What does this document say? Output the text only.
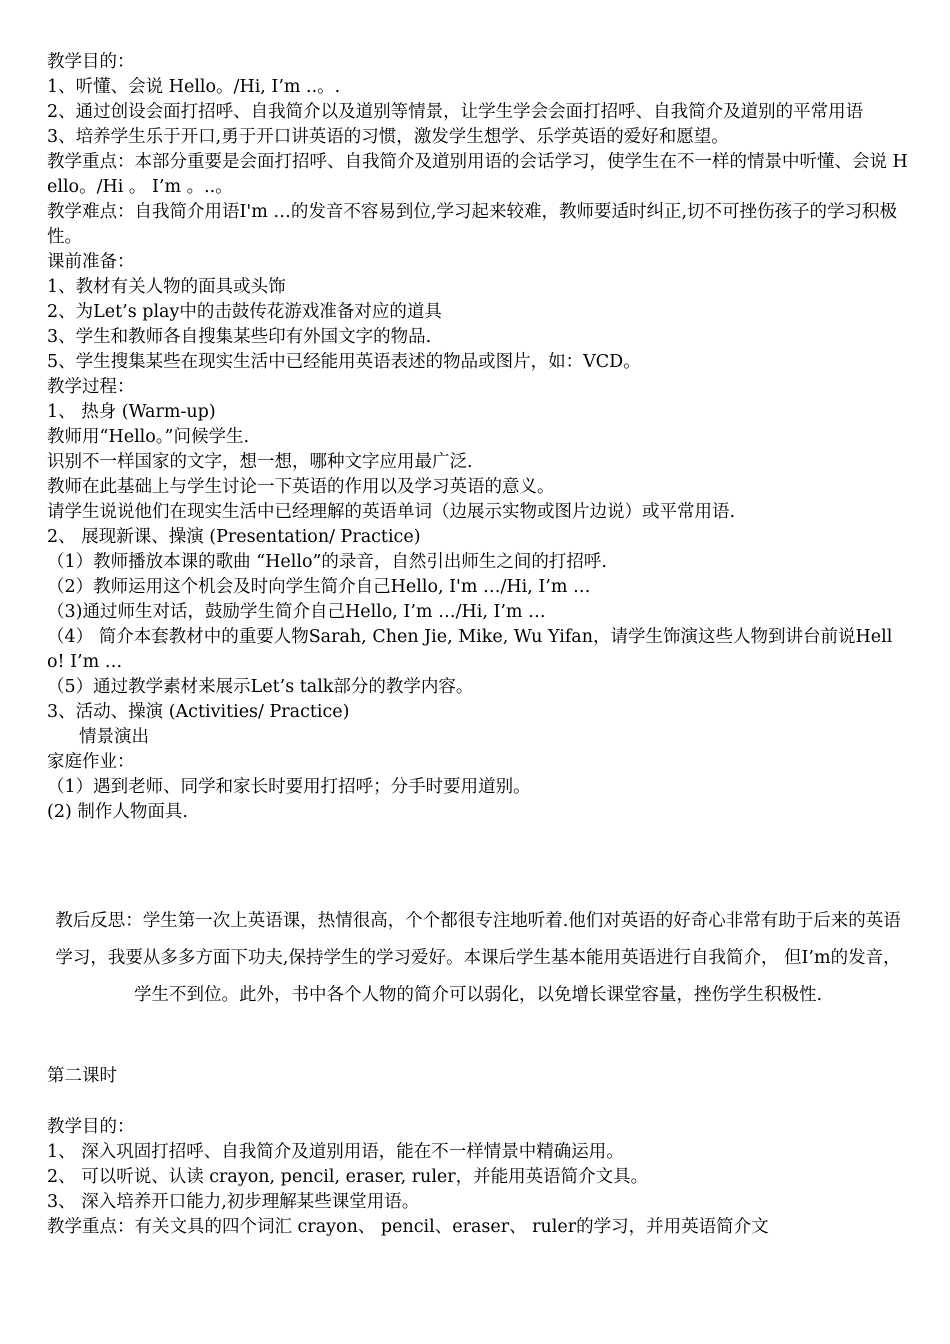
教学目的：

1、听懂、会说 Hello。/Hi, I’m ..。.

2、通过创设会面打招呼、自我简介以及道别等情景，让学生学会会面打招呼、自我简介及道别的平常用语

3、培养学生乐于开口,勇于开口讲英语的习惯，激发学生想学、乐学英语的爱好和愿望。

教学重点：本部分重要是会面打招呼、自我简介及道别用语的会话学习，使学生在不一样的情景中听懂、会说 Hello。/Hi 。 I’m 。..。

教学难点：自我简介用语I'm …的发音不容易到位,学习起来较难，教师要适时纠正,切不可挫伤孩子的学习积极性。

课前准备：

1、教材有关人物的面具或头饰

2、为Let’s play中的击鼓传花游戏准备对应的道具

3、学生和教师各自搜集某些印有外国文字的物品.

5、学生搜集某些在现实生活中已经能用英语表述的物品或图片，如：VCD。

教学过程：

1、 热身 (Warm-up)

教师用“Hello。”问候学生.

识别不一样国家的文字，想一想，哪种文字应用最广泛.

教师在此基础上与学生讨论一下英语的作用以及学习英语的意义。

请学生说说他们在现实生活中已经理解的英语单词（边展示实物或图片边说）或平常用语.

2、 展现新课、操演 (Presentation/ Practice)

（1）教师播放本课的歌曲 “Hello”的录音，自然引出师生之间的打招呼.

（2）教师运用这个机会及时向学生简介自己Hello, I'm …/Hi, I’m …

（3)通过师生对话，鼓励学生简介自己Hello, I’m …/Hi, I’m …

（4） 简介本套教材中的重要人物Sarah, Chen Jie, Mike, Wu Yifan，请学生饰演这些人物到讲台前说Hello! I’m …

（5）通过教学素材来展示Let’s talk部分的教学内容。

3、活动、操演 (Activities/ Practice)

情景演出

家庭作业：

（1）遇到老师、同学和家长时要用打招呼；分手时要用道别。

(2) 制作人物面具.

教后反思：学生第一次上英语课，热情很高，个个都很专注地听着.他们对英语的好奇心非常有助于后来的英语学习，我要从多多方面下功夫,保持学生的学习爱好。本课后学生基本能用英语进行自我简介， 但I’m的发音，学生不到位。此外，书中各个人物的简介可以弱化，以免增长课堂容量，挫伤学生积极性.

第二课时

教学目的：

1、 深入巩固打招呼、自我简介及道别用语，能在不一样情景中精确运用。

2、 可以听说、认读 crayon, pencil, eraser, ruler，并能用英语简介文具。

3、 深入培养开口能力,初步理解某些课堂用语。

教学重点：有关文具的四个词汇 crayon、 pencil、eraser、 ruler的学习，并用英语简介文
